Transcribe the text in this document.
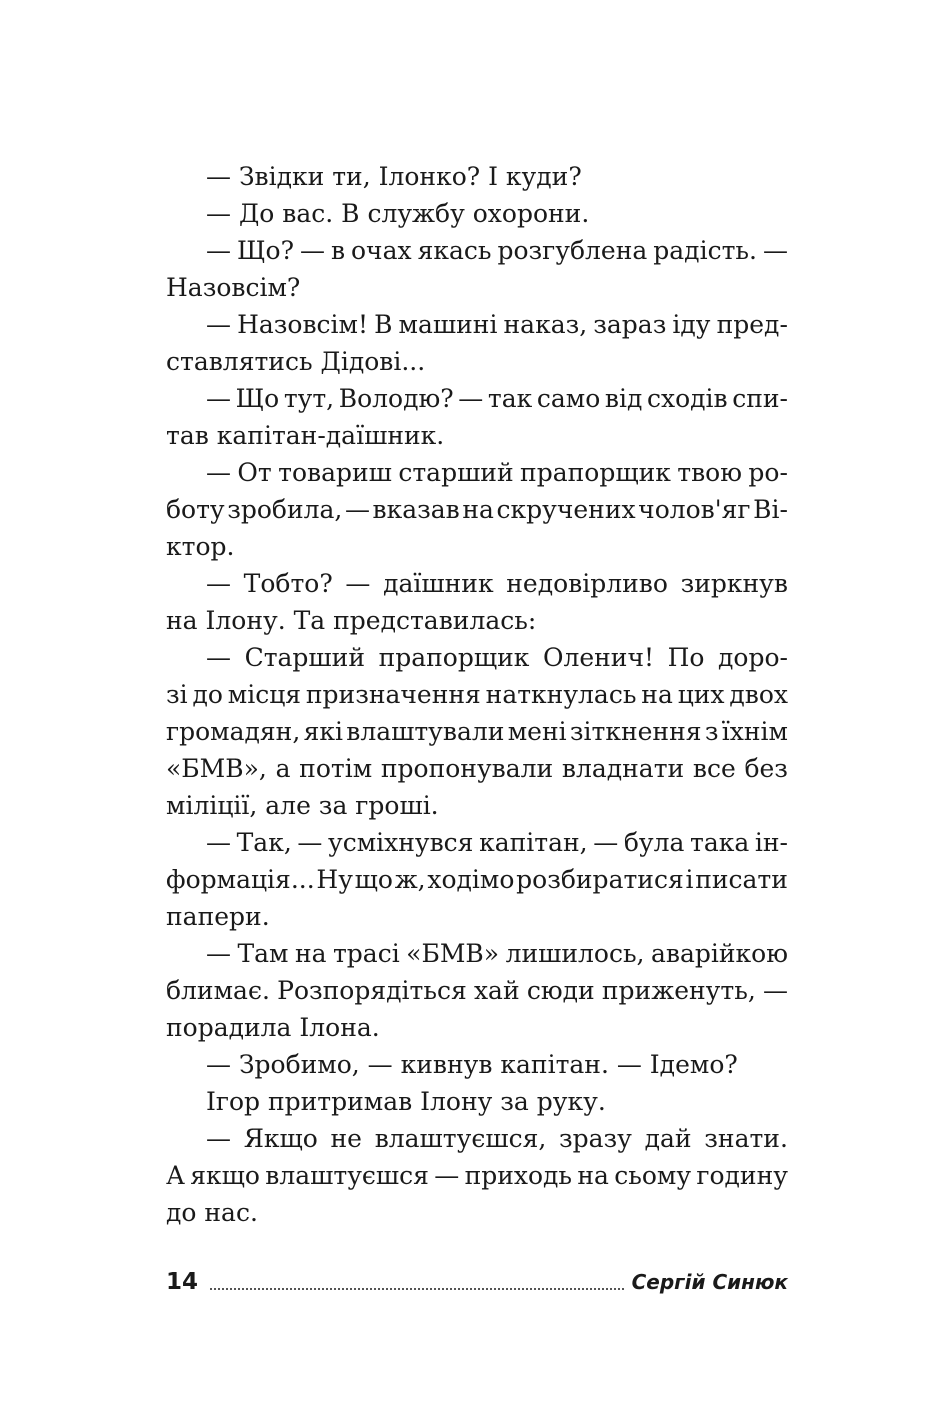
— Звідки ти, Ілонко? І куди?
— До вас. В службу охорони.
— Що? — в очах якась розгублена радість. —
Назовсім?
— Назовсім! В машині наказ, зараз іду пред-
ставлятись Дідові...
— Що тут, Володю? — так само від сходів спи-
тав капітан-даїшник.
— От товариш старший прапорщик твою ро-
боту зробила, — вказав на скручених чолов'яг Ві-
ктор.
— Тобто? — даїшник недовірливо зиркнув
на Ілону. Та представилась:
— Старший прапорщик Оленич! По доро-
зі до місця призначення наткнулась на цих двох
громадян, які влаштували мені зіткнення з їхнім
«БМВ», а потім пропонували владнати все без
міліції, але за гроші.
— Так, — усміхнувся капітан, — була така ін-
формація... Ну що ж, ходімо розбиратися і писати
папери.
— Там на трасі «БМВ» лишилось, аварійкою
блимає. Розпорядіться хай сюди приженуть, —
порадила Ілона.
— Зробимо, — кивнув капітан. — Ідемо?
Ігор притримав Ілону за руку.
— Якщо не влаштуєшся, зразу дай знати.
А якщо влаштуєшся — приходь на сьому годину
до нас.
14	Сергій Синюк
